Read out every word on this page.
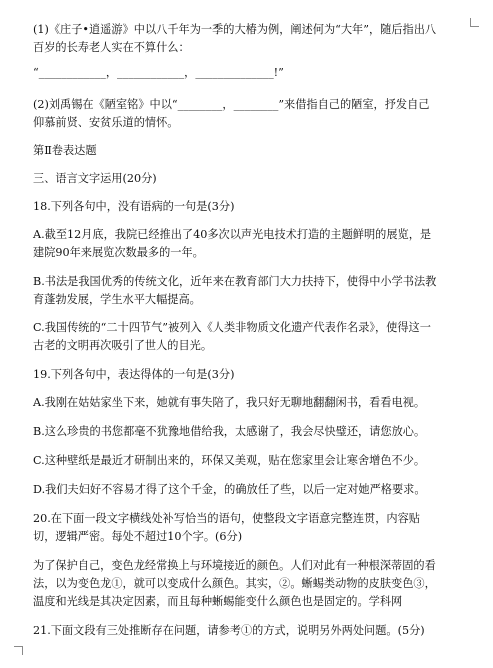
(1)《庄子•逍遥游》中以八千年为一季的大椿为例，阐述何为“大年”，随后指出八
百岁的长寿老人实在不算什么：
“____________，____________，______________!”
(2)刘禹锡在《陋室铭》中以“________，________”来借指自己的陋室，抒发自己
仰慕前贤、安贫乐道的情怀。
第Ⅱ卷表达题
三、语言文字运用(20分)
18.下列各句中，没有语病的一句是(3分)
A.截至12月底，我院已经推出了40多次以声光电技术打造的主题鲜明的展览，是
建院90年来展览次数最多的一年。
B.书法是我国优秀的传统文化，近年来在教育部门大力扶持下，使得中小学书法教
育蓬勃发展，学生水平大幅提高。
C.我国传统的“二十四节气”被列入《人类非物质文化遗产代表作名录》，使得这一
古老的文明再次吸引了世人的目光。
19.下列各句中，表达得体的一句是(3分)
A.我刚在姑姑家坐下来，她就有事失陪了，我只好无聊地翻翻闲书，看看电视。
B.这么珍贵的书您都毫不犹豫地借给我，太感谢了，我会尽快璧还，请您放心。
C.这种壁纸是最近才研制出来的，环保又美观，贴在您家里会让寒舍增色不少。
D.我们夫妇好不容易才得了这个千金，的确放任了些，以后一定对她严格要求。
20.在下面一段文字横线处补写恰当的语句，使整段文字语意完整连贯，内容贴
切，逻辑严密。每处不超过10个字。(6分)
为了保护自己，变色龙经常换上与环境接近的颜色。人们对此有一种根深蒂固的看
法，以为变色龙①，就可以变成什么颜色。其实，②。蜥蜴类动物的皮肤变色③，
温度和光线是其决定因素，而且每种蜥蜴能变什么颜色也是固定的。学科网
21.下面文段有三处推断存在问题，请参考①的方式，说明另外两处问题。(5分)
